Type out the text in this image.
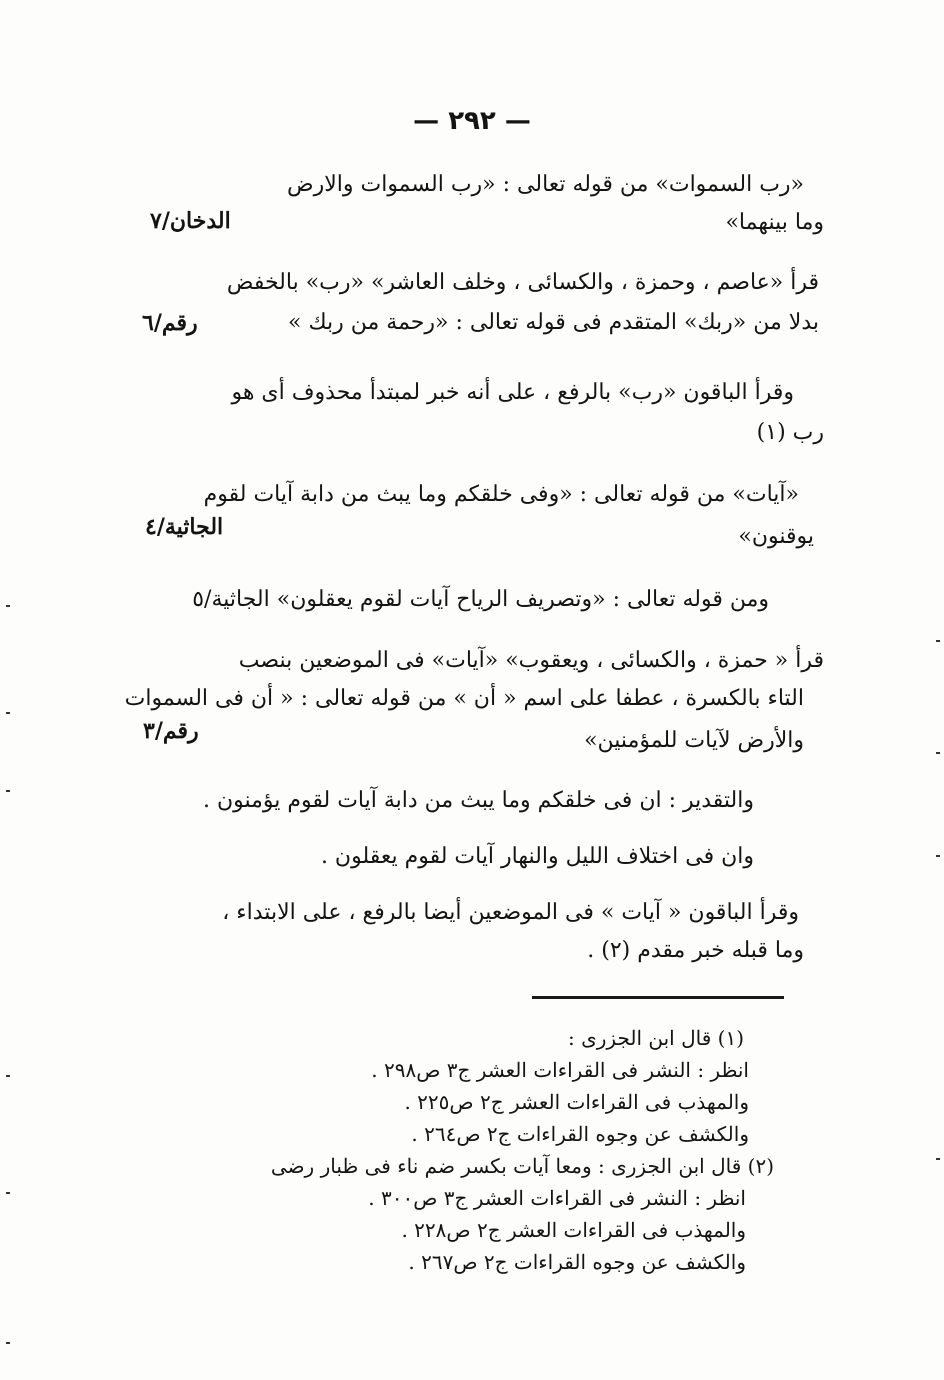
— ٢٩٢ —
«رب السموات» من قوله تعالى : «رب السموات والارض
وما بينهما»
الدخان/٧
قرأ «عاصم ، وحمزة ، والكسائى ، وخلف العاشر» «رب» بالخفض
بدلا من «ربك» المتقدم فى قوله تعالى : «رحمة من ربك »
رقم/٦
وقرأ الباقون «رب» بالرفع ، على أنه خبر لمبتدأ محذوف أى هو
رب (١)
«آيات» من قوله تعالى : «وفى خلقكم وما يبث من دابة آيات لقوم
يوقنون»
الجاثية/٤
ومن قوله تعالى : «وتصريف الرياح آيات لقوم يعقلون» الجاثية/٥
قرأ « حمزة ، والكسائى ، ويعقوب» «آيات» فى الموضعين بنصب
التاء بالكسرة ، عطفا على اسم « أن » من قوله تعالى : « أن فى السموات
والأرض لآيات للمؤمنين»
رقم/٣
والتقدير : ان فى خلقكم وما يبث من دابة آيات لقوم يؤمنون .
وان فى اختلاف الليل والنهار آيات لقوم يعقلون .
وقرأ الباقون « آيات » فى الموضعين أيضا بالرفع ، على الابتداء ،
وما قبله خبر مقدم (٢) .
(١) قال ابن الجزرى :
انظر : النشر فى القراءات العشر ج٣ ص٢٩٨ .
والمهذب فى القراءات العشر ج٢ ص٢٢٥ .
والكشف عن وجوه القراءات ج٢ ص٢٦٤ .
(٢) قال ابن الجزرى : ومعا آيات بكسر ضم ناء فى ظبار رضى
انظر : النشر فى القراءات العشر ج٣ ص٣٠٠ .
والمهذب فى القراءات العشر ج٢ ص٢٢٨ .
والكشف عن وجوه القراءات ج٢ ص٢٦٧ .
